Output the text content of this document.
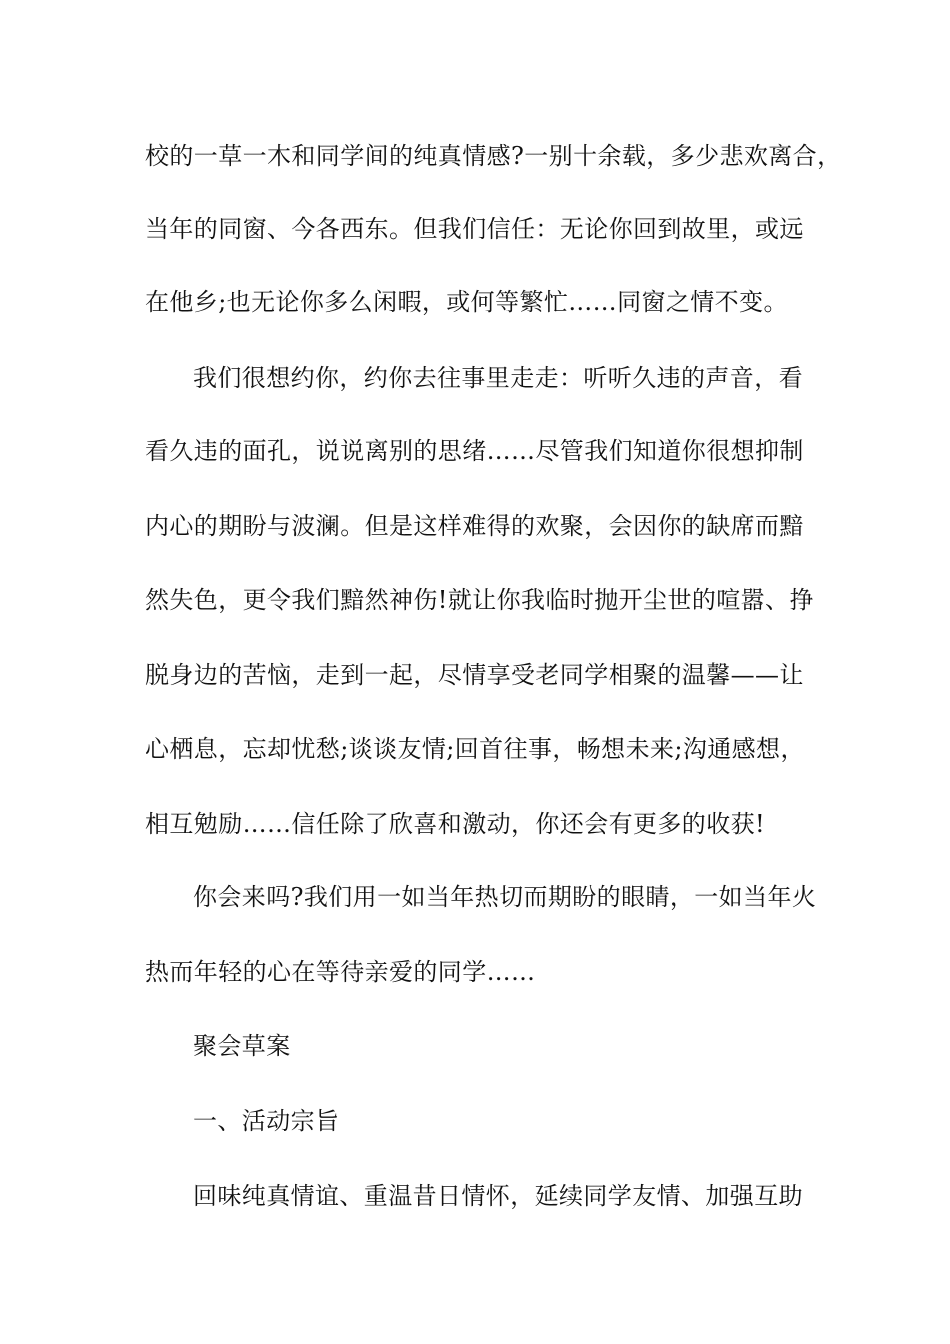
校的一草一木和同学间的纯真情感?一别十余载，多少悲欢离合，
当年的同窗、今各西东。但我们信任：无论你回到故里，或远
在他乡;也无论你多么闲暇，或何等繁忙……同窗之情不变。
我们很想约你，约你去往事里走走：听听久违的声音，看
看久违的面孔，说说离别的思绪……尽管我们知道你很想抑制
内心的期盼与波澜。但是这样难得的欢聚，会因你的缺席而黯
然失色，更令我们黯然神伤!就让你我临时抛开尘世的喧嚣、挣
脱身边的苦恼，走到一起，尽情享受老同学相聚的温馨——让
心栖息，忘却忧愁;谈谈友情;回首往事，畅想未来;沟通感想，
相互勉励……信任除了欣喜和激动，你还会有更多的收获!
你会来吗?我们用一如当年热切而期盼的眼睛，一如当年火
热而年轻的心在等待亲爱的同学……
聚会草案
一、活动宗旨
回味纯真情谊、重温昔日情怀，延续同学友情、加强互助
